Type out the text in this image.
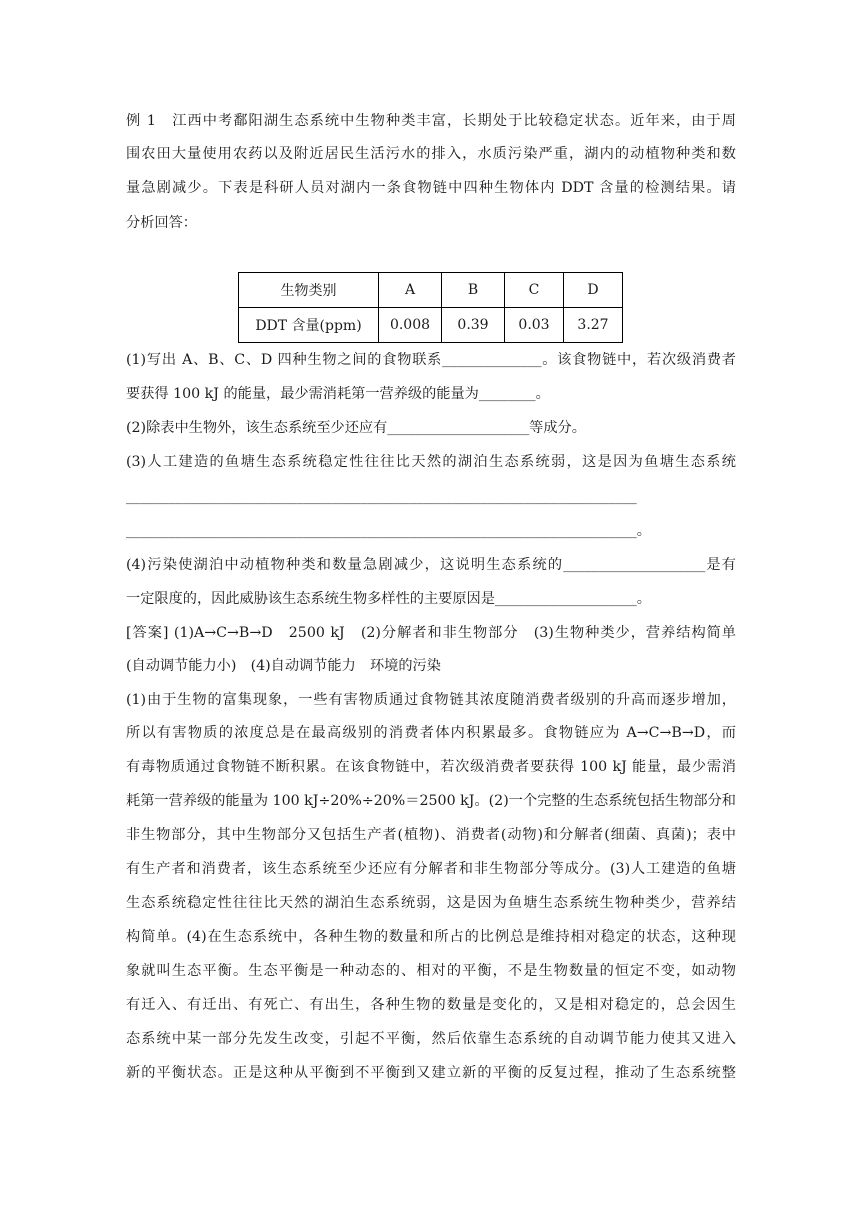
例 1　江西中考鄱阳湖生态系统中生物种类丰富，长期处于比较稳定状态。近年来，由于周
围农田大量使用农药以及附近居民生活污水的排入，水质污染严重，湖内的动植物种类和数
量急剧减少。下表是科研人员对湖内一条食物链中四种生物体内 DDT 含量的检测结果。请
分析回答：
生物类别	A	B	C	D
DDT 含量(ppm)	0.008	0.39	0.03	3.27
(1)写出 A、B、C、D 四种生物之间的食物联系______________。该食物链中，若次级消费者
要获得 100 kJ 的能量，最少需消耗第一营养级的能量为________。
(2)除表中生物外，该生态系统至少还应有____________________等成分。
(3)人工建造的鱼塘生态系统稳定性往往比天然的湖泊生态系统弱，这是因为鱼塘生态系统
________________________________________________________________________
________________________________________________________________________。
(4)污染使湖泊中动植物种类和数量急剧减少，这说明生态系统的____________________是有
一定限度的，因此威胁该生态系统生物多样性的主要原因是____________________。
[答案] (1)A→C→B→D　2500 kJ　(2)分解者和非生物部分　(3)生物种类少，营养结构简单
(自动调节能力小)　(4)自动调节能力　环境的污染
(1)由于生物的富集现象，一些有害物质通过食物链其浓度随消费者级别的升高而逐步增加，
所以有害物质的浓度总是在最高级别的消费者体内积累最多。食物链应为 A→C→B→D，而
有毒物质通过食物链不断积累。在该食物链中，若次级消费者要获得 100 kJ 能量，最少需消
耗第一营养级的能量为 100 kJ÷20%÷20%＝2500 kJ。(2)一个完整的生态系统包括生物部分和
非生物部分，其中生物部分又包括生产者(植物)、消费者(动物)和分解者(细菌、真菌)；表中
有生产者和消费者，该生态系统至少还应有分解者和非生物部分等成分。(3)人工建造的鱼塘
生态系统稳定性往往比天然的湖泊生态系统弱，这是因为鱼塘生态系统生物种类少，营养结
构简单。(4)在生态系统中，各种生物的数量和所占的比例总是维持相对稳定的状态，这种现
象就叫生态平衡。生态平衡是一种动态的、相对的平衡，不是生物数量的恒定不变，如动物
有迁入、有迁出、有死亡、有出生，各种生物的数量是变化的，又是相对稳定的，总会因生
态系统中某一部分先发生改变，引起不平衡，然后依靠生态系统的自动调节能力使其又进入
新的平衡状态。正是这种从平衡到不平衡到又建立新的平衡的反复过程，推动了生态系统整
